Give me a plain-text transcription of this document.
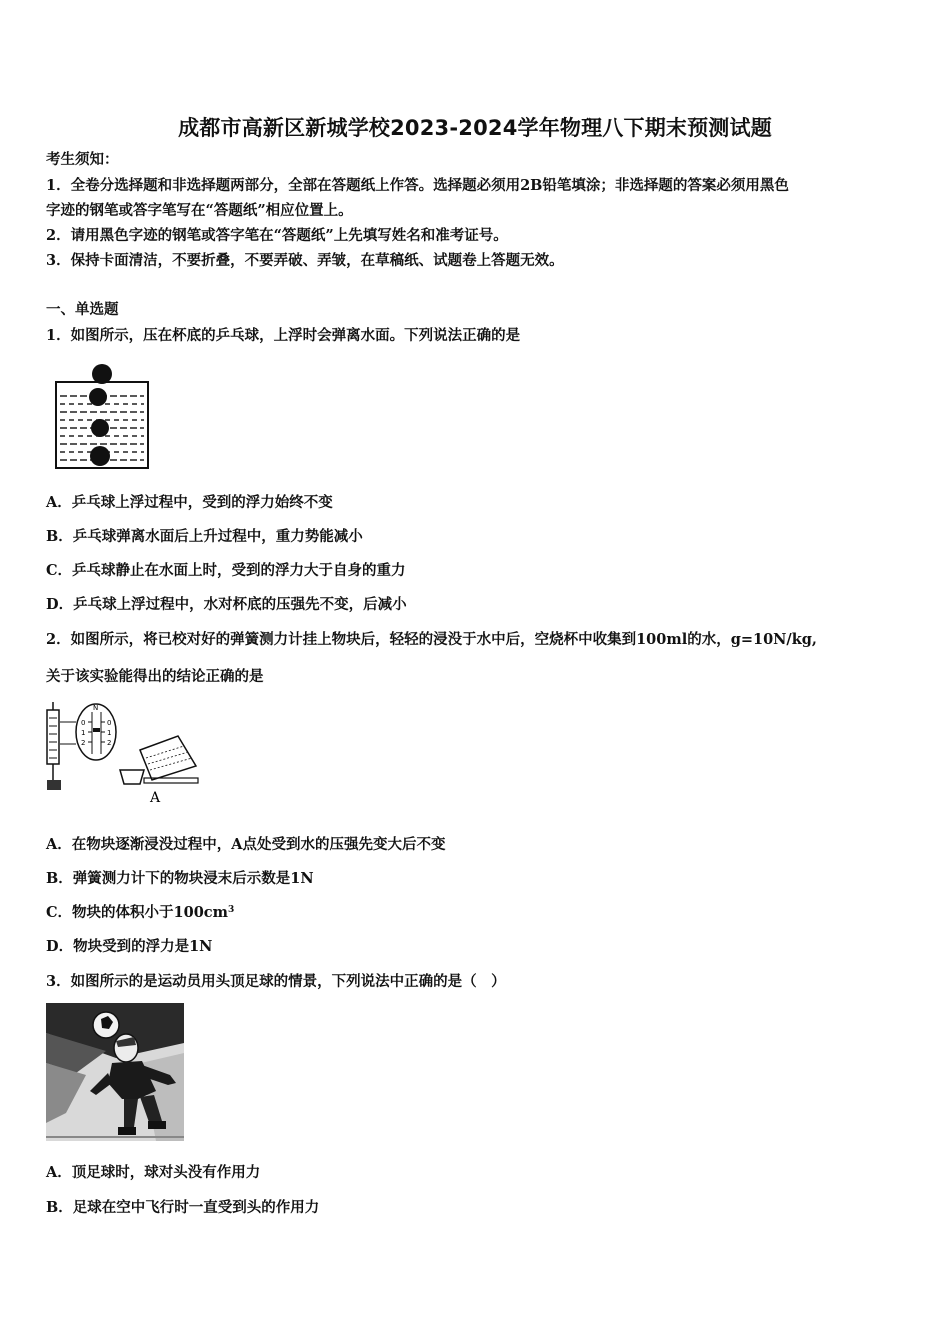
成都市高新区新城学校2023-2024学年物理八下期末预测试题
考生须知：
1．全卷分选择题和非选择题两部分，全部在答题纸上作答。选择题必须用2B铅笔填涂；非选择题的答案必须用黑色
字迹的钢笔或答字笔写在“答题纸”相应位置上。
2．请用黑色字迹的钢笔或答字笔在“答题纸”上先填写姓名和准考证号。
3．保持卡面清洁，不要折叠，不要弄破、弄皱，在草稿纸、试题卷上答题无效。
一、单选题
1．如图所示，压在杯底的乒乓球，上浮时会弹离水面。下列说法正确的是
A．乒乓球上浮过程中，受到的浮力始终不变
B．乒乓球弹离水面后上升过程中，重力势能减小
C．乒乓球静止在水面上时，受到的浮力大于自身的重力
D．乒乓球上浮过程中，水对杯底的压强先不变，后减小
2．如图所示，将已校对好的弹簧测力计挂上物块后，轻轻的浸没于水中后，空烧杯中收集到100ml的水，g=10N/kg,
关于该实验能得出的结论正确的是
N
0
1
2
0
1
2
A
A．在物块逐渐浸没过程中，A点处受到水的压强先变大后不变
B．弹簧测力计下的物块浸末后示数是1N
C．物块的体积小于$100cm^3$
D．物块受到的浮力是1N
3．如图所示的是运动员用头顶足球的情景，下列说法中正确的是（　）
A．顶足球时，球对头没有作用力
B．足球在空中飞行时一直受到头的作用力
